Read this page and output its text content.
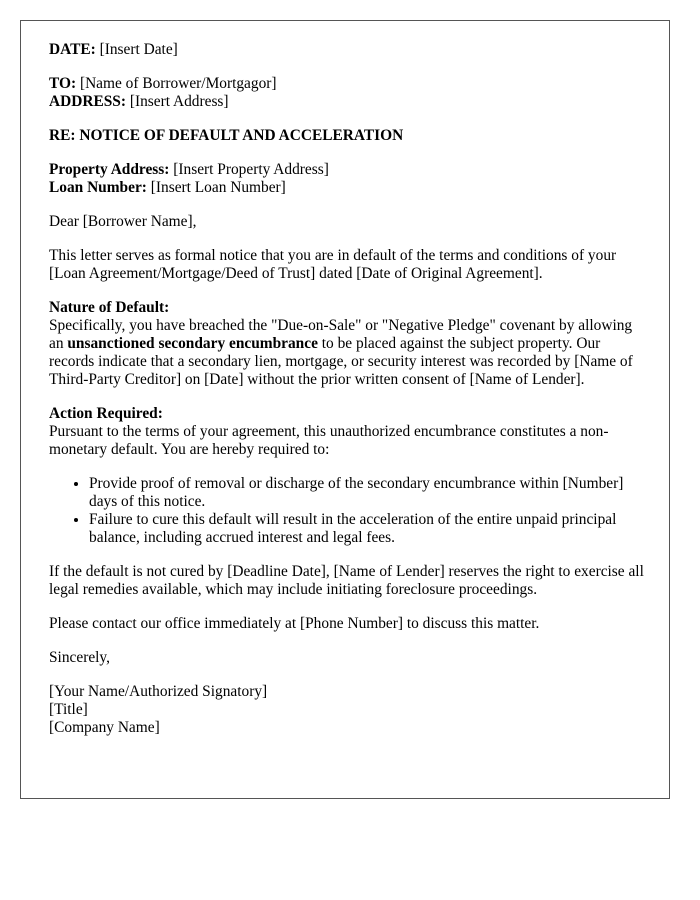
DATE: [Insert Date]

TO: [Name of Borrower/Mortgagor]
ADDRESS: [Insert Address]

RE: NOTICE OF DEFAULT AND ACCELERATION

Property Address: [Insert Property Address]
Loan Number: [Insert Loan Number]

Dear [Borrower Name],

This letter serves as formal notice that you are in default of the terms and conditions of your [Loan Agreement/Mortgage/Deed of Trust] dated [Date of Original Agreement].

Nature of Default:
Specifically, you have breached the "Due-on-Sale" or "Negative Pledge" covenant by allowing an unsanctioned secondary encumbrance to be placed against the subject property. Our records indicate that a secondary lien, mortgage, or security interest was recorded by [Name of Third-Party Creditor] on [Date] without the prior written consent of [Name of Lender].
Action Required:
Pursuant to the terms of your agreement, this unauthorized encumbrance constitutes a non-monetary default. You are hereby required to:
• Provide proof of removal or discharge of the secondary encumbrance within [Number] days of this notice.
• Failure to cure this default will result in the acceleration of the entire unpaid principal balance, including accrued interest and legal fees.

If the default is not cured by [Deadline Date], [Name of Lender] reserves the right to exercise all legal remedies available, which may include initiating foreclosure proceedings.

Please contact our office immediately at [Phone Number] to discuss this matter.

Sincerely,

[Your Name/Authorized Signatory]

[Title]

[Company Name]
